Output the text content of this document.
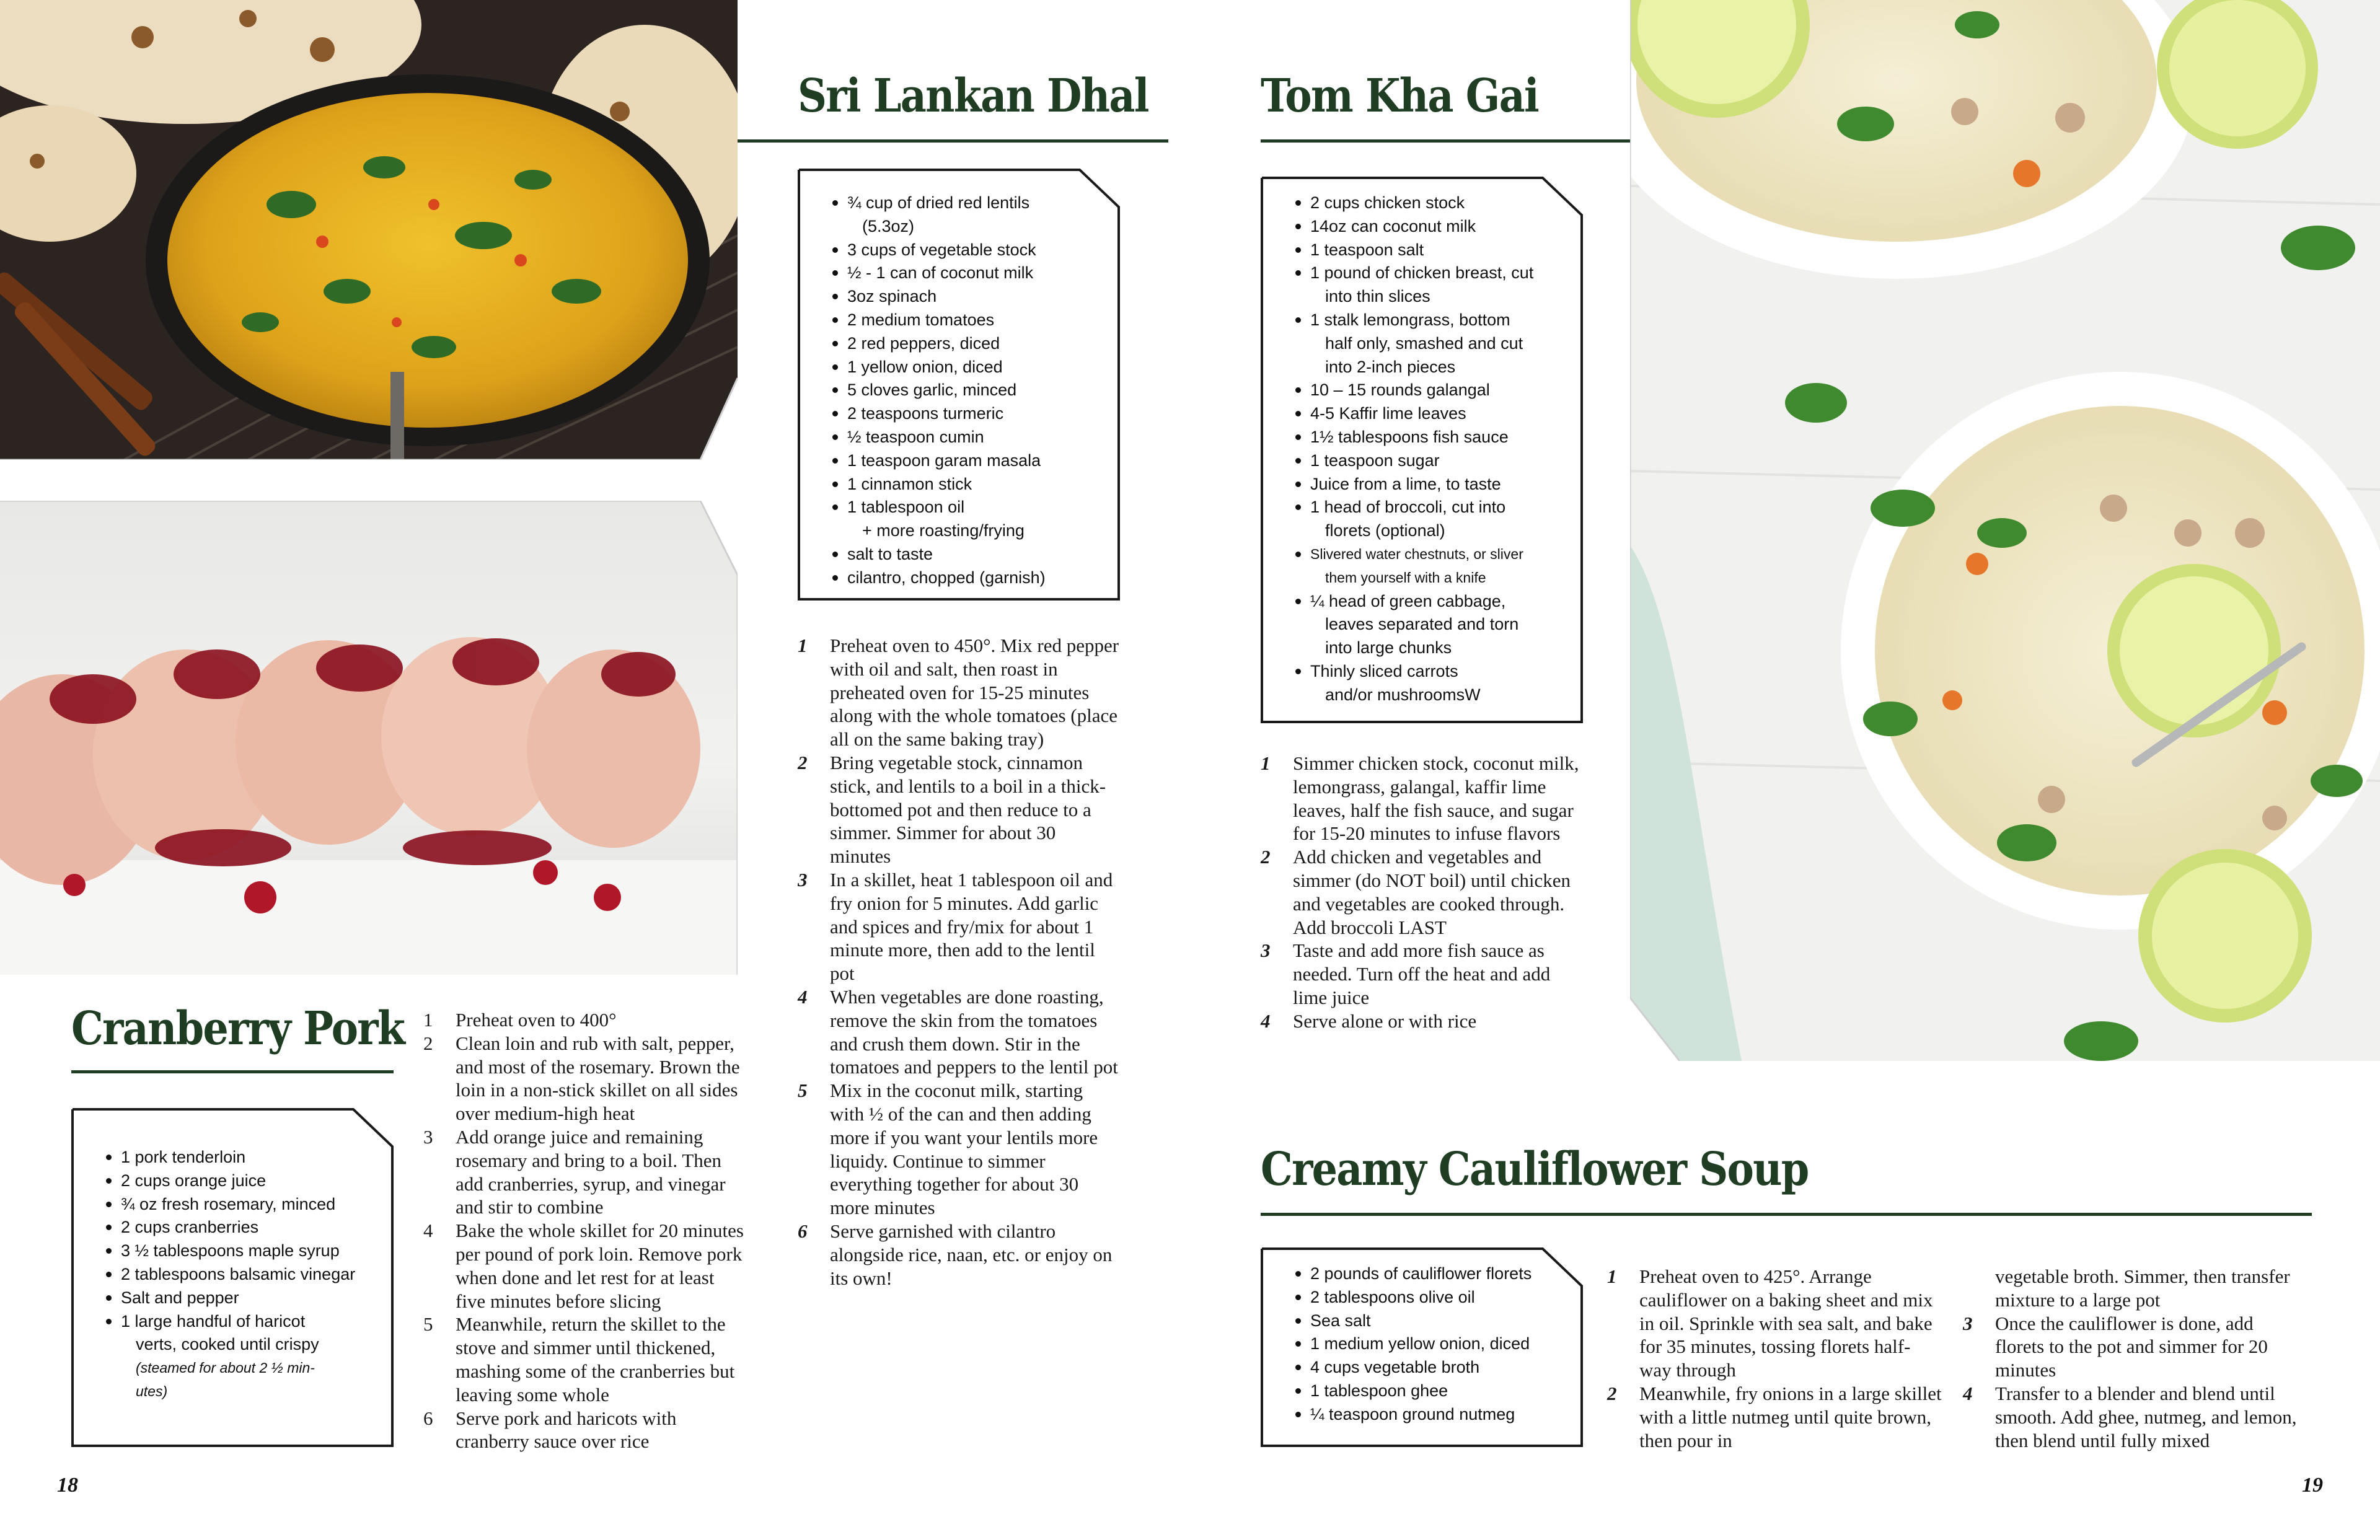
Sri Lankan Dhal
¾ cup of dried red lentils
(5.3oz)
3 cups of vegetable stock
½ - 1 can of coconut milk
3oz spinach
2 medium tomatoes
2 red peppers, diced
1 yellow onion, diced
5 cloves garlic, minced
2 teaspoons turmeric
½ teaspoon cumin
1 teaspoon garam masala
1 cinnamon stick
1 tablespoon oil
+ more roasting/frying
salt to taste
cilantro, chopped (garnish)
1 Preheat oven to 450°. Mix red pepper with oil and salt, then roast in preheated oven for 15-25 minutes along with the whole tomatoes (place all on the same baking tray)
2 Bring vegetable stock, cinnamon stick, and lentils to a boil in a thick-bottomed pot and then reduce to a simmer. Simmer for about 30 minutes
3 In a skillet, heat 1 tablespoon oil and fry onion for 5 minutes. Add garlic and spices and fry/mix for about 1 minute more, then add to the lentil pot
4 When vegetables are done roasting, remove the skin from the tomatoes and crush them down. Stir in the tomatoes and peppers to the lentil pot
5 Mix in the coconut milk, starting with ½ of the can and then adding more if you want your lentils more liquidy. Continue to simmer everything together for about 30 more minutes
6 Serve garnished with cilantro alongside rice, naan, etc. or enjoy on its own!
Tom Kha Gai
2 cups chicken stock
14oz can coconut milk
1 teaspoon salt
1 pound of chicken breast, cut
into thin slices
1 stalk lemongrass, bottom
half only, smashed and cut
into 2-inch pieces
10 – 15 rounds galangal
4-5 Kaffir lime leaves
1½ tablespoons fish sauce
1 teaspoon sugar
Juice from a lime, to taste
1 head of broccoli, cut into
florets (optional)
Slivered water chestnuts, or sliver
them yourself with a knife
¼ head of green cabbage,
leaves separated and torn
into large chunks
Thinly sliced carrots
and/or mushroomsW
1 Simmer chicken stock, coconut milk, lemongrass, galangal, kaffir lime leaves, half the fish sauce, and sugar for 15-20 minutes to infuse flavors
2 Add chicken and vegetables and simmer (do NOT boil) until chicken and vegetables are cooked through. Add broccoli LAST
3 Taste and add more fish sauce as needed. Turn off the heat and add lime juice
4 Serve alone or with rice
Cranberry Pork
1 pork tenderloin
2 cups orange juice
¾ oz fresh rosemary, minced
2 cups cranberries
3 ½ tablespoons maple syrup
2 tablespoons balsamic vinegar
Salt and pepper
1 large handful of haricot
verts, cooked until crispy
(steamed for about 2 ½ min-
utes)
1 Preheat oven to 400°
2 Clean loin and rub with salt, pepper, and most of the rosemary. Brown the loin in a non-stick skillet on all sides over medium-high heat
3 Add orange juice and remaining rosemary and bring to a boil. Then add cranberries, syrup, and vinegar and stir to combine
4 Bake the whole skillet for 20 minutes per pound of pork loin. Remove pork when done and let rest for at least five minutes before slicing
5 Meanwhile, return the skillet to the stove and simmer until thickened, mashing some of the cranberries but leaving some whole
6 Serve pork and haricots with cranberry sauce over rice
Creamy Cauliflower Soup
2 pounds of cauliflower florets
2 tablespoons olive oil
Sea salt
1 medium yellow onion, diced
4 cups vegetable broth
1 tablespoon ghee
¼ teaspoon ground nutmeg
1 Preheat oven to 425°. Arrange cauliflower on a baking sheet and mix in oil. Sprinkle with sea salt, and bake for 35 minutes, tossing florets half-way through
2 Meanwhile, fry onions in a large skillet with a little nutmeg until quite brown, then pour in
vegetable broth. Simmer, then transfer mixture to a large pot
3 Once the cauliflower is done, add florets to the pot and simmer for 20 minutes
4 Transfer to a blender and blend until smooth. Add ghee, nutmeg, and lemon, then blend until fully mixed
18	19
